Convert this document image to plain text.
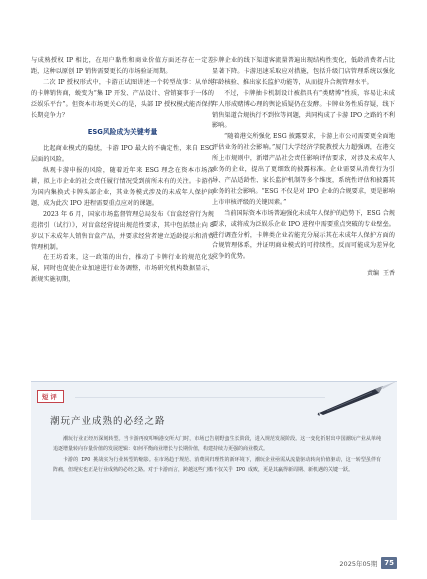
与成熟授权 IP 相比，在用户黏性和商业价值方面还存在一定差距，这种以原创 IP 销售需要更长的市场验证周期。

二次 IP 授权形式中，卡游正试图讲述一个转型故事：从单纯的卡牌销售商，蜕变为“集 IP 开发、产品设计、营销赛事于一体的泛娱乐平台”。但资本市场更关心的是，头部 IP 授权模式能否保持长期竞争力？

ESG风险成为关键考量

比起商业模式的隐忧，卡游 IPO 最大的不确定性，来自 ESG 层面的风险。

纵观卡游申报的风险，随着近年来 ESG 理念在资本市场深耕，拟上市企业的社会责任履行情况受到前所未有的关注。卡游作为国内集换式卡牌头部企业，其业务模式涉及的未成年人保护问题，成为此次 IPO 进程需要重点应对的课题。

2023 年 6 月，国家市场监督管理总局发布《盲盒经营行为规范指引（试行）》，对盲盒经营提出规范性要求，其中包括禁止向 8 岁以下未成年人销售盲盒产品，并要求经营者建立适龄提示和消费管理机制。

在王坊看来，这一政策的出台，推动了卡牌行业的规范化发展，同时也促使企业加速进行业务调整，市场研究机构数据显示，新规实施初期，

卡牌企业的线下渠道客流量普遍出现结构性变化，低龄消费者占比显著下降。卡游迅速采取应对措施，包括升级门店管理系统以强化年龄核验、推出家长监护功能等，从而提升合规管理水平。

不过，卡牌抽卡机制设计被指具有“类赌博”性质，容易让未成年人形成赌博心理的舆论质疑仍在发酵。卡牌业务性质存疑，线下销售渠道合规执行不到位等问题，共同构成了卡游 IPO 之路的不利影响。

“随着港交所强化 ESG 披露要求，卡游上市公司需要更全面地评估业务的社会影响。”厦门大学经济学院教授大力超强调，在港交所上市规则中，新增产品社会责任影响评估要求，对涉及未成年人业务的企业，提出了更细致的披露标准。企业需要从消费行为引导、产品适龄性、家长监护机制等多个维度，系统性评估和披露其业务的社会影响。“ESG 不仅是对 IPO 企业的合规要求，更是影响上市审核评级的关键因素。”

当前国际资本市场普遍强化未成年人保护的趋势下，ESG 合规要求，或将成为泛娱乐企业 IPO 进程中需要重点突破的专业壁垒。进行调查分析，卡牌类企业若能充分展示其在未成年人保护方面的合规管理体系，并证明商业模式的可持续性，反而可能成为差异化竞争的优势。

责编 王香
短评
潮玩产业成熟的必经之路

潮玩行业正经历深刻转型。当卡游再度叩响港交所大门时，市场已告别野蛮生长阶段，进入规范发展阶段。这一变化折射出中国潮玩产业从单纯追逐增量转向存量价值的发展逻辑：如何平衡商业增长与长期价值，构建持续力更强的商业模式。

卡游的 IPO 挑战实为行业转型的缩影。在市场趋于规范、消费回归理性的新环境下，潮玩企业亟需从流量驱动转向价值驱动，这一转型虽伴有阵痛，但现实也正是行业成熟的必经之路。对于卡游而言，跨越这些门槛不仅关乎 IPO 成败，更是其赢得新周期、新机遇的关键一跃。

2025年05期	75
